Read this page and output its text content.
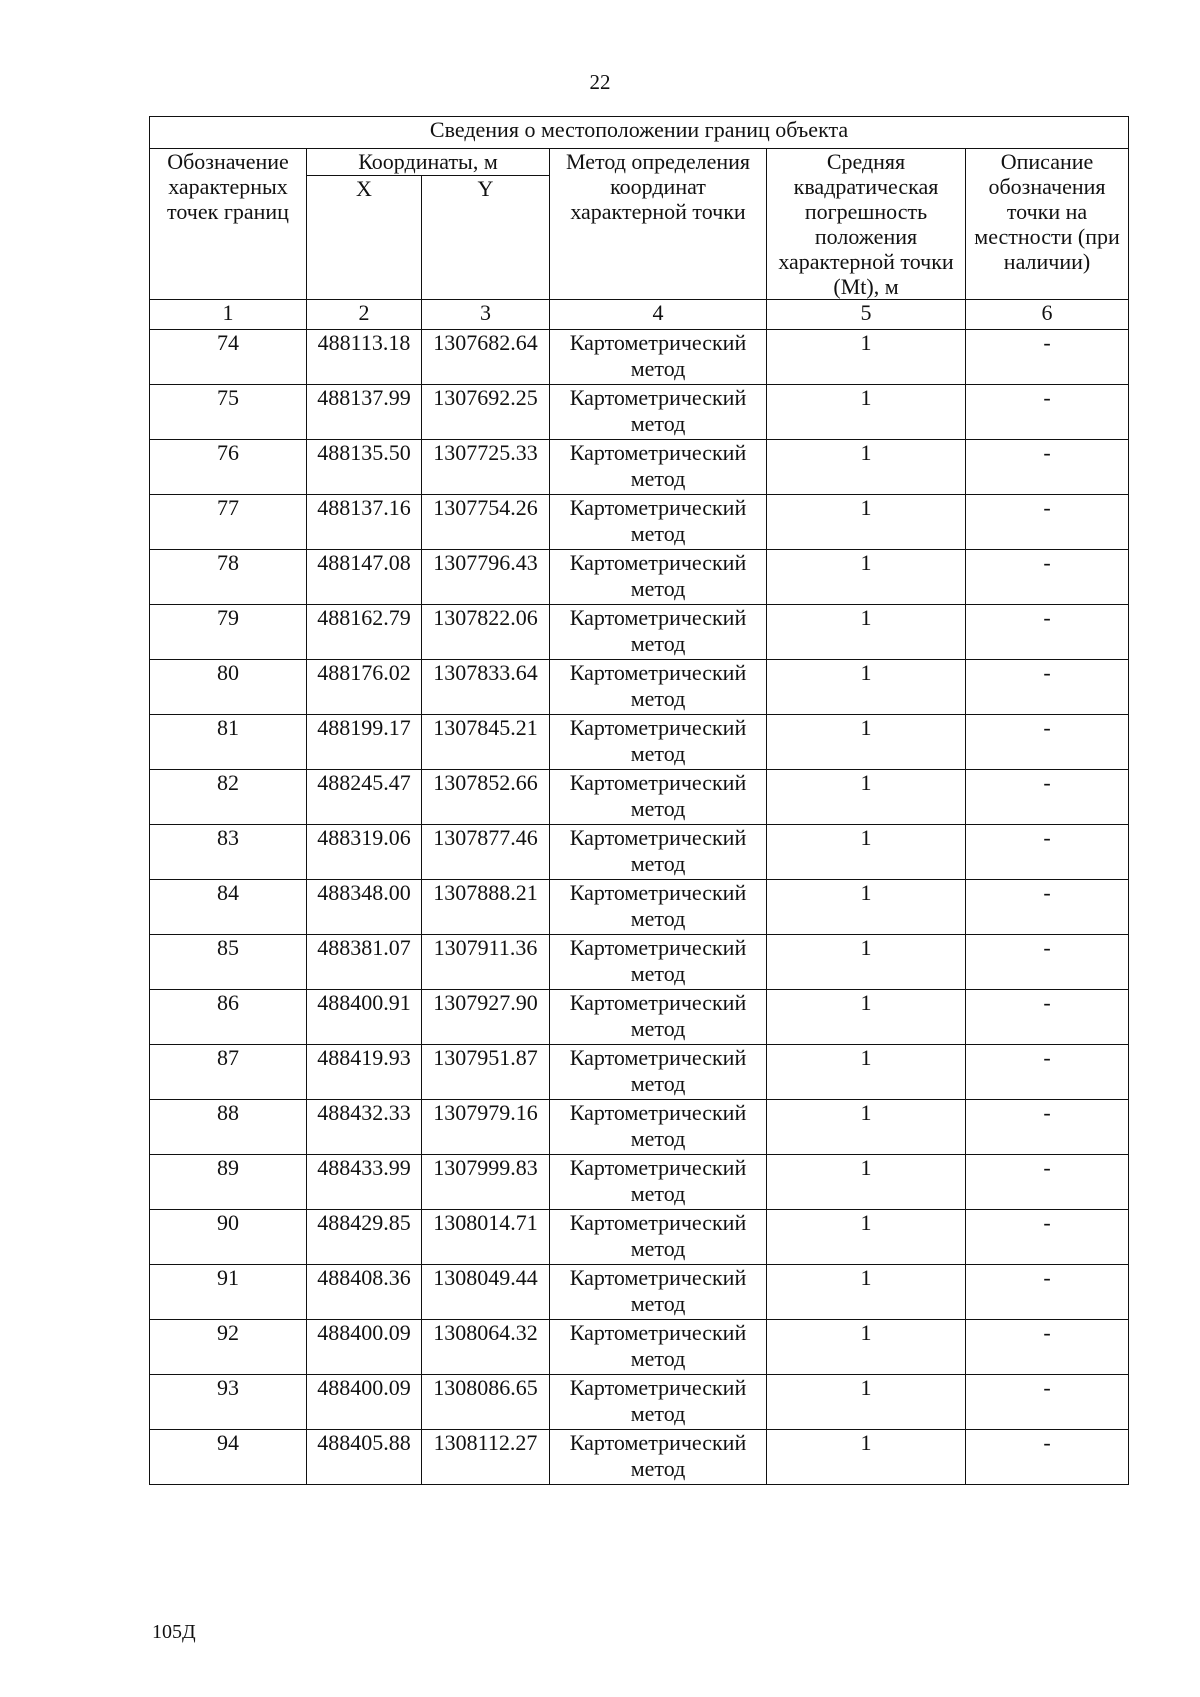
22
Сведения о местоположении границ объекта					
Обозначение характерных точек границ	Координаты, м		Метод определения координат характерной точки	Средняя квадратическая погрешность положения характерной точки (Mt), м	Описание обозначения точки на местности (при наличии)
	X	Y			
1	2	3	4	5	6
74	488113.18	1307682.64	Картометрический метод	1	-
75	488137.99	1307692.25	Картометрический метод	1	-
76	488135.50	1307725.33	Картометрический метод	1	-
77	488137.16	1307754.26	Картометрический метод	1	-
78	488147.08	1307796.43	Картометрический метод	1	-
79	488162.79	1307822.06	Картометрический метод	1	-
80	488176.02	1307833.64	Картометрический метод	1	-
81	488199.17	1307845.21	Картометрический метод	1	-
82	488245.47	1307852.66	Картометрический метод	1	-
83	488319.06	1307877.46	Картометрический метод	1	-
84	488348.00	1307888.21	Картометрический метод	1	-
85	488381.07	1307911.36	Картометрический метод	1	-
86	488400.91	1307927.90	Картометрический метод	1	-
87	488419.93	1307951.87	Картометрический метод	1	-
88	488432.33	1307979.16	Картометрический метод	1	-
89	488433.99	1307999.83	Картометрический метод	1	-
90	488429.85	1308014.71	Картометрический метод	1	-
91	488408.36	1308049.44	Картометрический метод	1	-
92	488400.09	1308064.32	Картометрический метод	1	-
93	488400.09	1308086.65	Картометрический метод	1	-
94	488405.88	1308112.27	Картометрический метод	1	-
105Д
